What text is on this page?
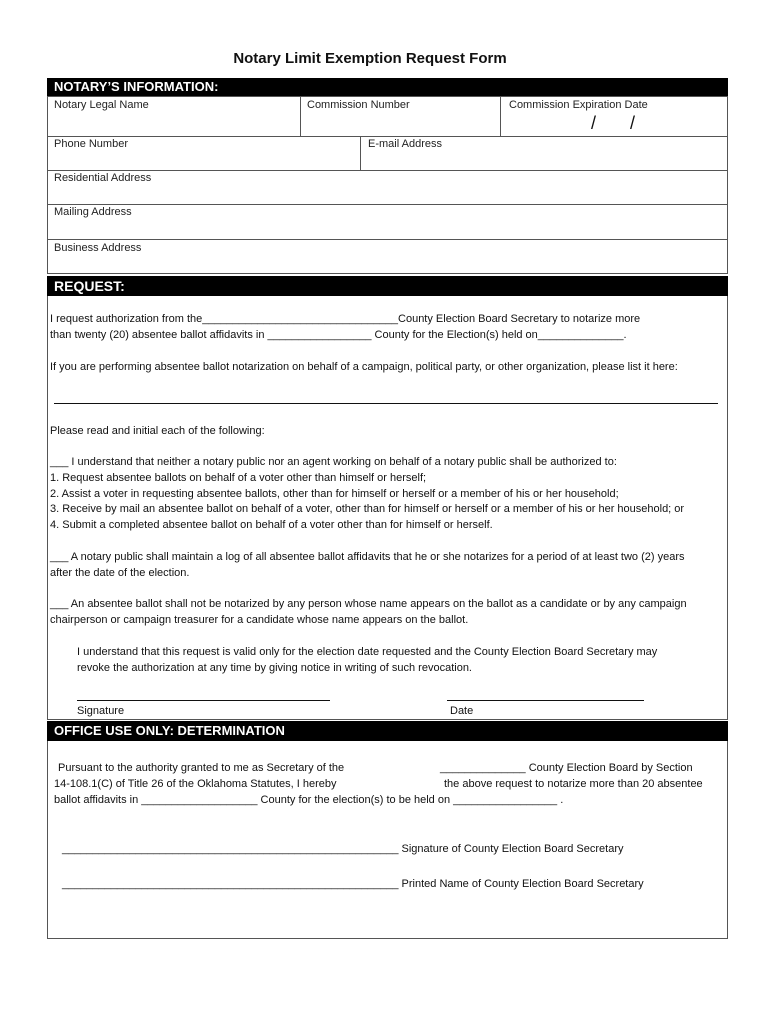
Notary Limit Exemption Request Form
NOTARY’S INFORMATION:
Notary Legal Name	Commission Number	Commission Expiration Date
/ /
Phone Number	E-mail Address
Residential Address
Mailing Address
Business Address
REQUEST:
I request authorization from the________________________________County Election Board Secretary to notarize more
than twenty (20) absentee ballot affidavits in _________________ County for the Election(s) held on______________.
If you are performing absentee ballot notarization on behalf of a campaign, political party, or other organization, please list it here:
Please read and initial each of the following:
___ I understand that neither a notary public nor an agent working on behalf of a notary public shall be authorized to:
1. Request absentee ballots on behalf of a voter other than himself or herself;
2. Assist a voter in requesting absentee ballots, other than for himself or herself or a member of his or her household;
3. Receive by mail an absentee ballot on behalf of a voter, other than for himself or herself or a member of his or her household; or
4. Submit a completed absentee ballot on behalf of a voter other than for himself or herself.
___ A notary public shall maintain a log of all absentee ballot affidavits that he or she notarizes for a period of at least two (2) years
after the date of the election.
___ An absentee ballot shall not be notarized by any person whose name appears on the ballot as a candidate or by any campaign
chairperson or campaign treasurer for a candidate whose name appears on the ballot.
I understand that this request is valid only for the election date requested and the County Election Board Secretary may
revoke the authorization at any time by giving notice in writing of such revocation.
Signature	Date
OFFICE USE ONLY: DETERMINATION
Pursuant to the authority granted to me as Secretary of the	______________ County Election Board by Section
14-108.1(C) of Title 26 of the Oklahoma Statutes, I hereby	the above request to notarize more than 20 absentee
ballot affidavits in ___________________ County for the election(s) to be held on _________________ .
_______________________________________________________ Signature of County Election Board Secretary
_______________________________________________________ Printed Name of County Election Board Secretary
